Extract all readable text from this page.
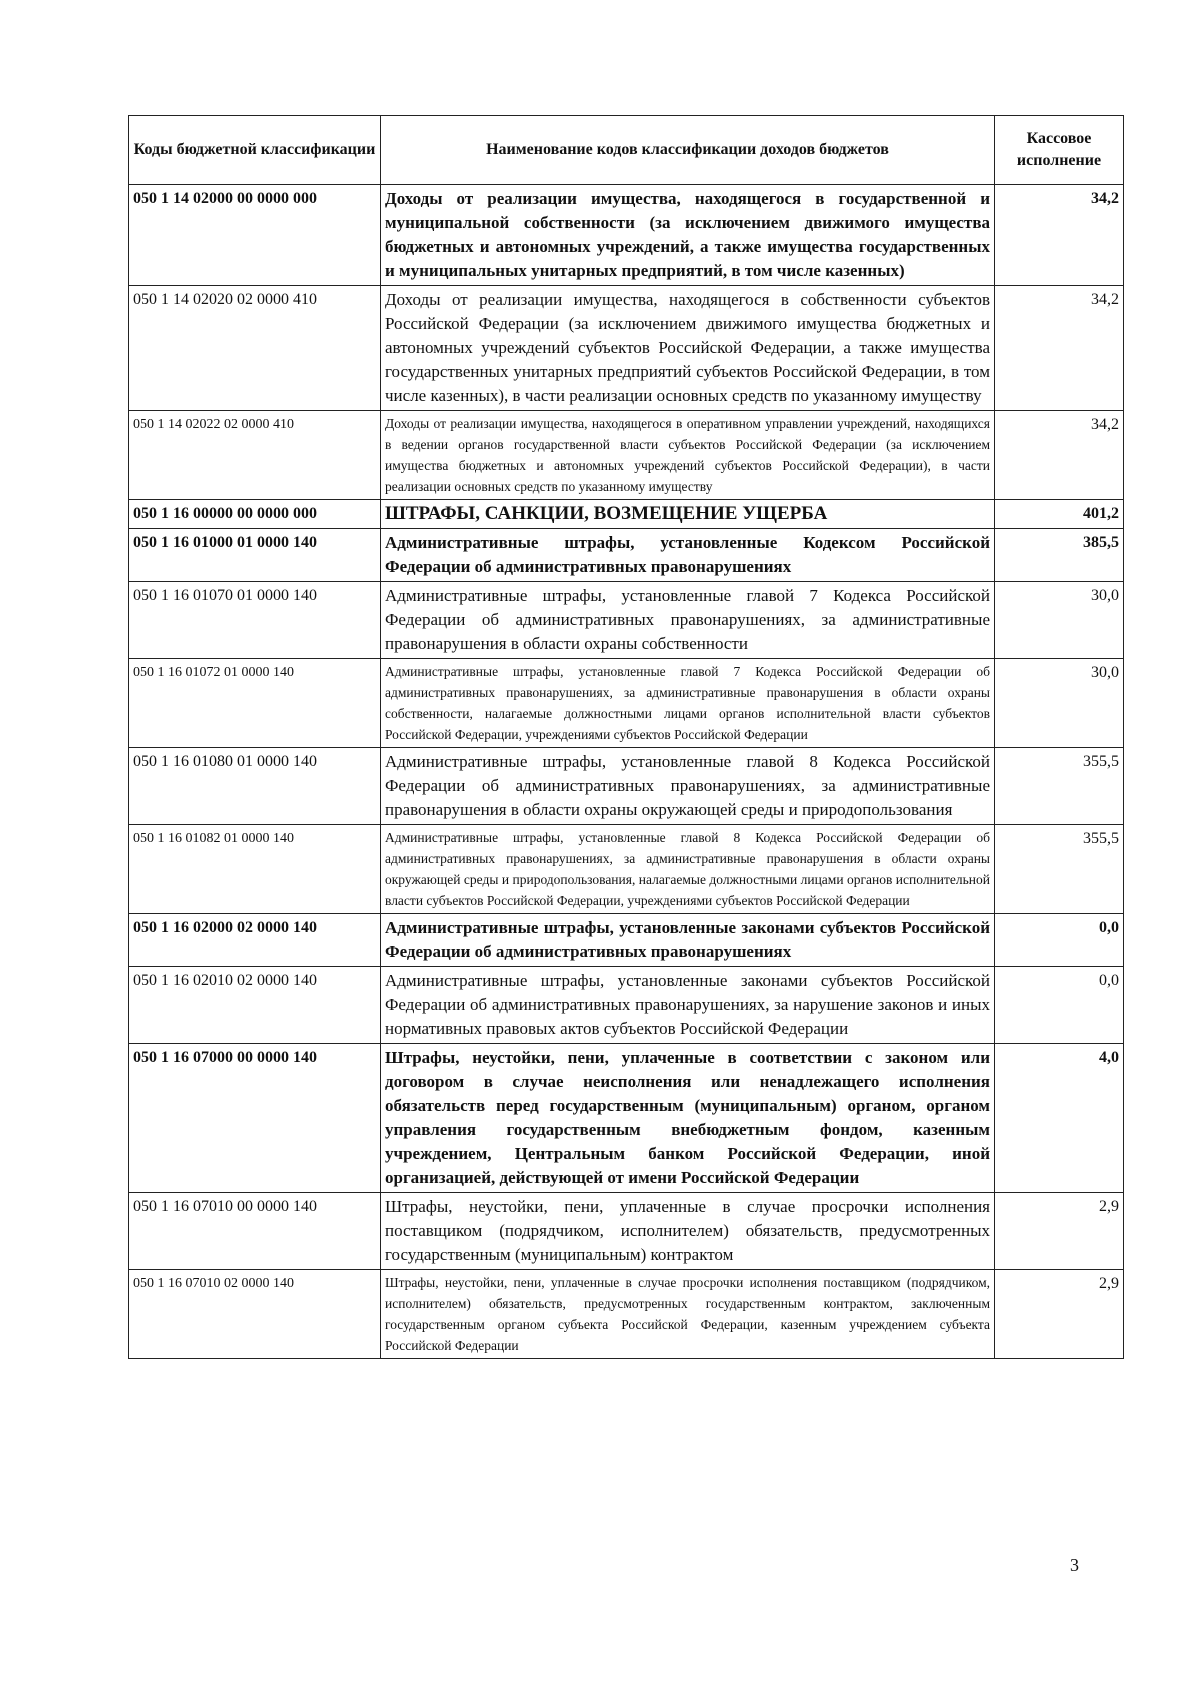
Коды бюджетной классификации	Наименование кодов классификации доходов бюджетов	Кассовое исполнение
050 1 14 02000 00 0000 000	Доходы от реализации имущества, находящегося в государственной и муниципальной собственности (за исключением движимого имущества бюджетных и автономных учреждений, а также имущества государственных и муниципальных унитарных предприятий, в том числе казенных)	34,2
050 1 14 02020 02 0000 410	Доходы от реализации имущества, находящегося в собственности субъектов Российской Федерации (за исключением движимого имущества бюджетных и автономных учреждений субъектов Российской Федерации, а также имущества государственных унитарных предприятий субъектов Российской Федерации, в том числе казенных), в части реализации основных средств по указанному имуществу	34,2
050 1 14 02022 02 0000 410	Доходы от реализации имущества, находящегося в оперативном управлении учреждений, находящихся в ведении органов государственной власти субъектов Российской Федерации (за исключением имущества бюджетных и автономных учреждений субъектов Российской Федерации), в части реализации основных средств по указанному имуществу	34,2
050 1 16 00000 00 0000 000	ШТРАФЫ, САНКЦИИ, ВОЗМЕЩЕНИЕ УЩЕРБА	401,2
050 1 16 01000 01 0000 140	Административные штрафы, установленные Кодексом Российской Федерации об административных правонарушениях	385,5
050 1 16 01070 01 0000 140	Административные штрафы, установленные главой 7 Кодекса Российской Федерации об административных правонарушениях, за административные правонарушения в области охраны собственности	30,0
050 1 16 01072 01 0000 140	Административные штрафы, установленные главой 7 Кодекса Российской Федерации об административных правонарушениях, за административные правонарушения в области охраны собственности, налагаемые должностными лицами органов исполнительной власти субъектов Российской Федерации, учреждениями субъектов Российской Федерации	30,0
050 1 16 01080 01 0000 140	Административные штрафы, установленные главой 8 Кодекса Российской Федерации об административных правонарушениях, за административные правонарушения в области охраны окружающей среды и природопользования	355,5
050 1 16 01082 01 0000 140	Административные штрафы, установленные главой 8 Кодекса Российской Федерации об административных правонарушениях, за административные правонарушения в области охраны окружающей среды и природопользования, налагаемые должностными лицами органов исполнительной власти субъектов Российской Федерации, учреждениями субъектов Российской Федерации	355,5
050 1 16 02000 02 0000 140	Административные штрафы, установленные законами субъектов Российской Федерации об административных правонарушениях	0,0
050 1 16 02010 02 0000 140	Административные штрафы, установленные законами субъектов Российской Федерации об административных правонарушениях, за нарушение законов и иных нормативных правовых актов субъектов Российской Федерации	0,0
050 1 16 07000 00 0000 140	Штрафы, неустойки, пени, уплаченные в соответствии с законом или договором в случае неисполнения или ненадлежащего исполнения обязательств перед государственным (муниципальным) органом, органом управления государственным внебюджетным фондом, казенным учреждением, Центральным банком Российской Федерации, иной организацией, действующей от имени Российской Федерации	4,0
050 1 16 07010 00 0000 140	Штрафы, неустойки, пени, уплаченные в случае просрочки исполнения поставщиком (подрядчиком, исполнителем) обязательств, предусмотренных государственным (муниципальным) контрактом	2,9
050 1 16 07010 02 0000 140	Штрафы, неустойки, пени, уплаченные в случае просрочки исполнения поставщиком (подрядчиком, исполнителем) обязательств, предусмотренных государственным контрактом, заключенным государственным органом субъекта Российской Федерации, казенным учреждением субъекта Российской Федерации	2,9
3
